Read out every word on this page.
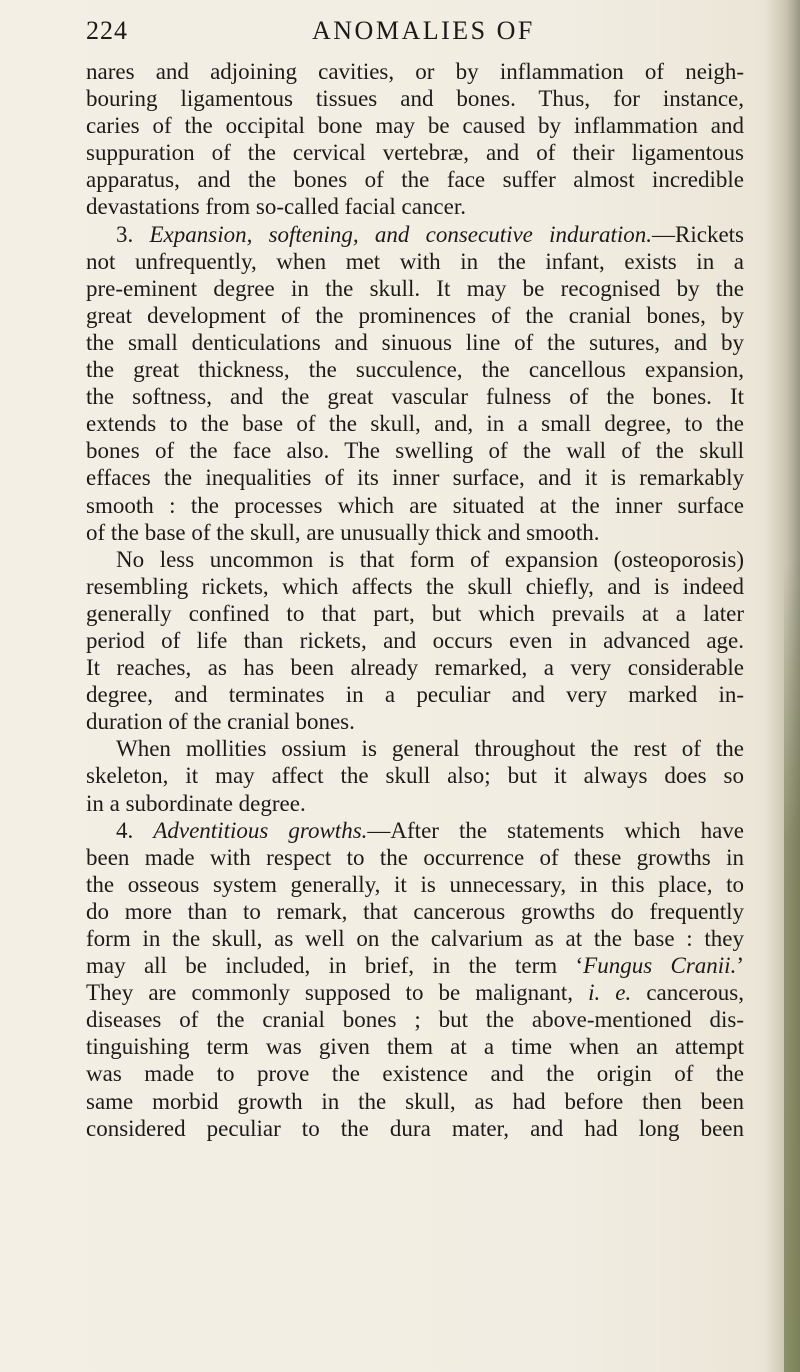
224	ANOMALIES OF

nares and adjoining cavities, or by inflammation of neigh-
bouring ligamentous tissues and bones. Thus, for instance,
caries of the occipital bone may be caused by inflammation and
suppuration of the cervical vertebræ, and of their ligamentous
apparatus, and the bones of the face suffer almost incredible
devastations from so-called facial cancer.
3. Expansion, softening, and consecutive induration.—Rickets
not unfrequently, when met with in the infant, exists in a
pre-eminent degree in the skull. It may be recognised by the
great development of the prominences of the cranial bones, by
the small denticulations and sinuous line of the sutures, and by
the great thickness, the succulence, the cancellous expansion,
the softness, and the great vascular fulness of the bones. It
extends to the base of the skull, and, in a small degree, to the
bones of the face also. The swelling of the wall of the skull
effaces the inequalities of its inner surface, and it is remarkably
smooth : the processes which are situated at the inner surface
of the base of the skull, are unusually thick and smooth.
No less uncommon is that form of expansion (osteoporosis)
resembling rickets, which affects the skull chiefly, and is indeed
generally confined to that part, but which prevails at a later
period of life than rickets, and occurs even in advanced age.
It reaches, as has been already remarked, a very considerable
degree, and terminates in a peculiar and very marked in-
duration of the cranial bones.
When mollities ossium is general throughout the rest of the
skeleton, it may affect the skull also; but it always does so
in a subordinate degree.
4. Adventitious growths.—After the statements which have
been made with respect to the occurrence of these growths in
the osseous system generally, it is unnecessary, in this place, to
do more than to remark, that cancerous growths do frequently
form in the skull, as well on the calvarium as at the base : they
may all be included, in brief, in the term ‘Fungus Cranii.’
They are commonly supposed to be malignant, i. e. cancerous,
diseases of the cranial bones ; but the above-mentioned dis-
tinguishing term was given them at a time when an attempt
was made to prove the existence and the origin of the
same morbid growth in the skull, as had before then been
considered peculiar to the dura mater, and had long been
